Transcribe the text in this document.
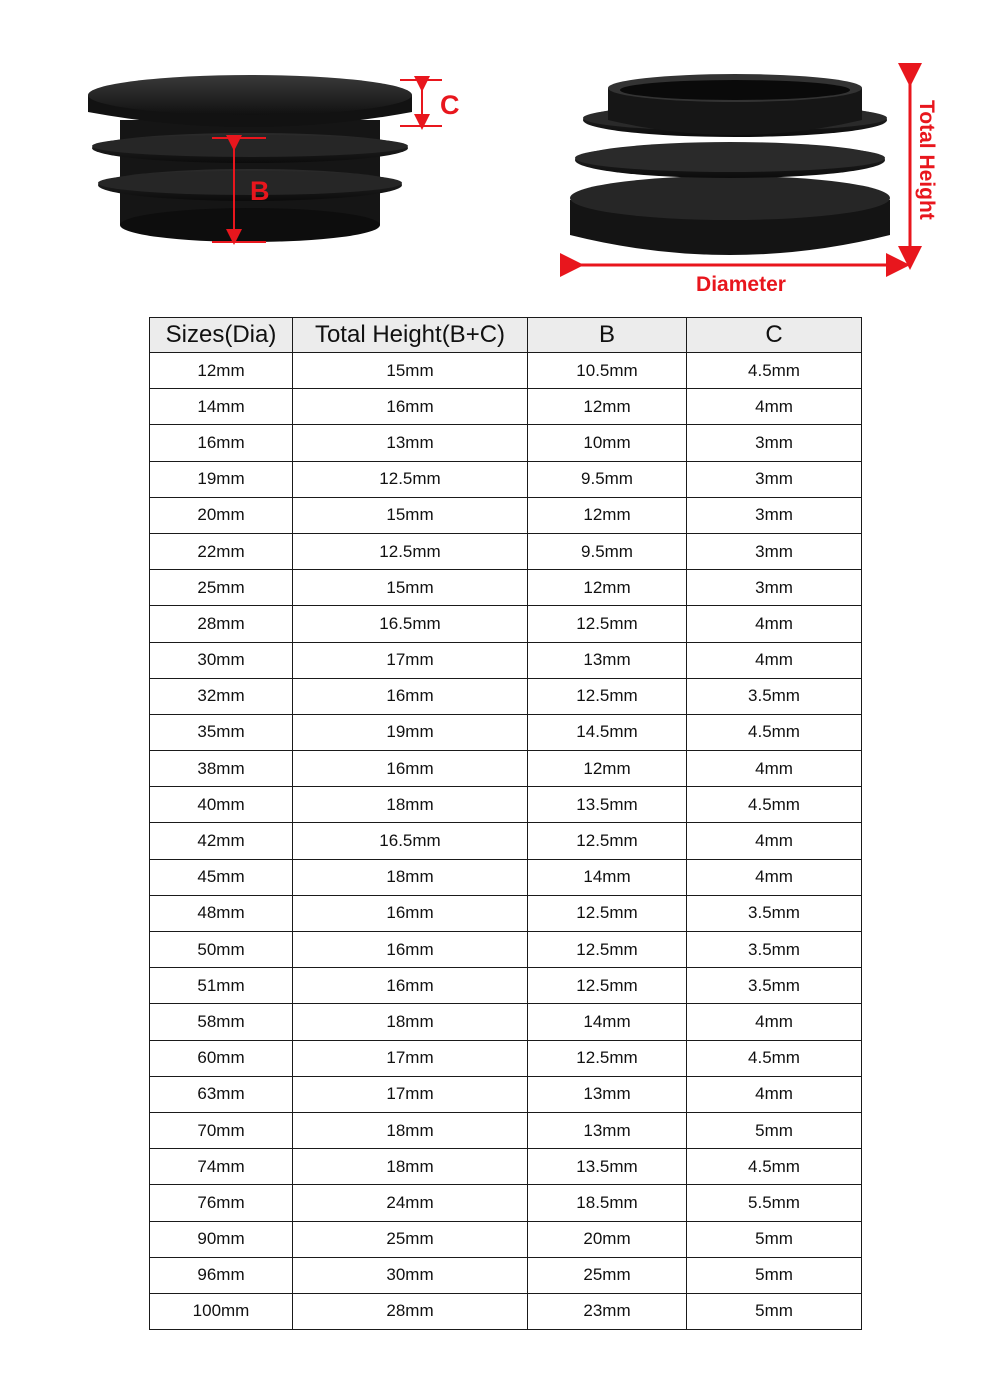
C
B	Total Height
Diameter
Sizes(Dia)	Total Height(B+C)	B	C
12mm	15mm	10.5mm	4.5mm
14mm	16mm	12mm	4mm
16mm	13mm	10mm	3mm
19mm	12.5mm	9.5mm	3mm
20mm	15mm	12mm	3mm
22mm	12.5mm	9.5mm	3mm
25mm	15mm	12mm	3mm
28mm	16.5mm	12.5mm	4mm
30mm	17mm	13mm	4mm
32mm	16mm	12.5mm	3.5mm
35mm	19mm	14.5mm	4.5mm
38mm	16mm	12mm	4mm
40mm	18mm	13.5mm	4.5mm
42mm	16.5mm	12.5mm	4mm
45mm	18mm	14mm	4mm
48mm	16mm	12.5mm	3.5mm
50mm	16mm	12.5mm	3.5mm
51mm	16mm	12.5mm	3.5mm
58mm	18mm	14mm	4mm
60mm	17mm	12.5mm	4.5mm
63mm	17mm	13mm	4mm
70mm	18mm	13mm	5mm
74mm	18mm	13.5mm	4.5mm
76mm	24mm	18.5mm	5.5mm
90mm	25mm	20mm	5mm
96mm	30mm	25mm	5mm
100mm	28mm	23mm	5mm
